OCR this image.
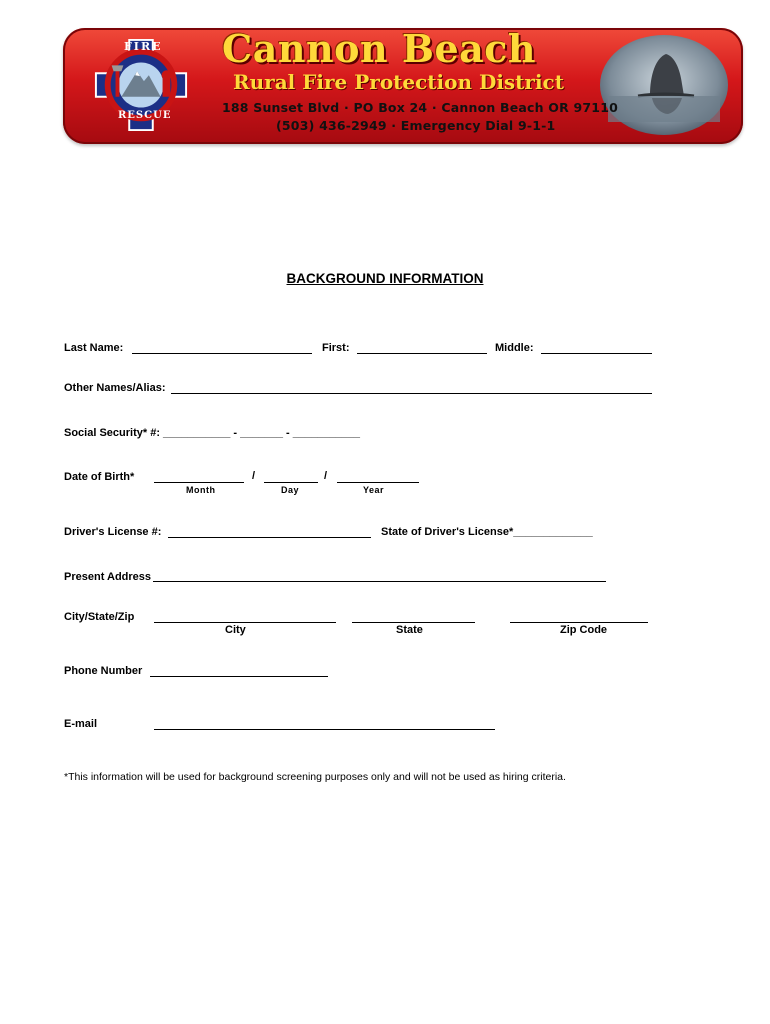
FIRE
RESCUE
Cannon Beach
Rural Fire Protection District
188 Sunset Blvd · PO Box 24 · Cannon Beach OR 97110
(503) 436-2949 · Emergency Dial 9-1-1
BACKGROUND INFORMATION
Last Name:	First:	Middle:
Other Names/Alias:
Social Security* #: ___________ - _______ - ___________
Date of Birth*	/	/
Month	Day	Year
Driver's License #:	State of Driver's License*_____________
Present Address
City/State/Zip
City	State	Zip Code
Phone Number
E-mail
*This information will be used for background screening purposes only and will not be used as hiring criteria.
